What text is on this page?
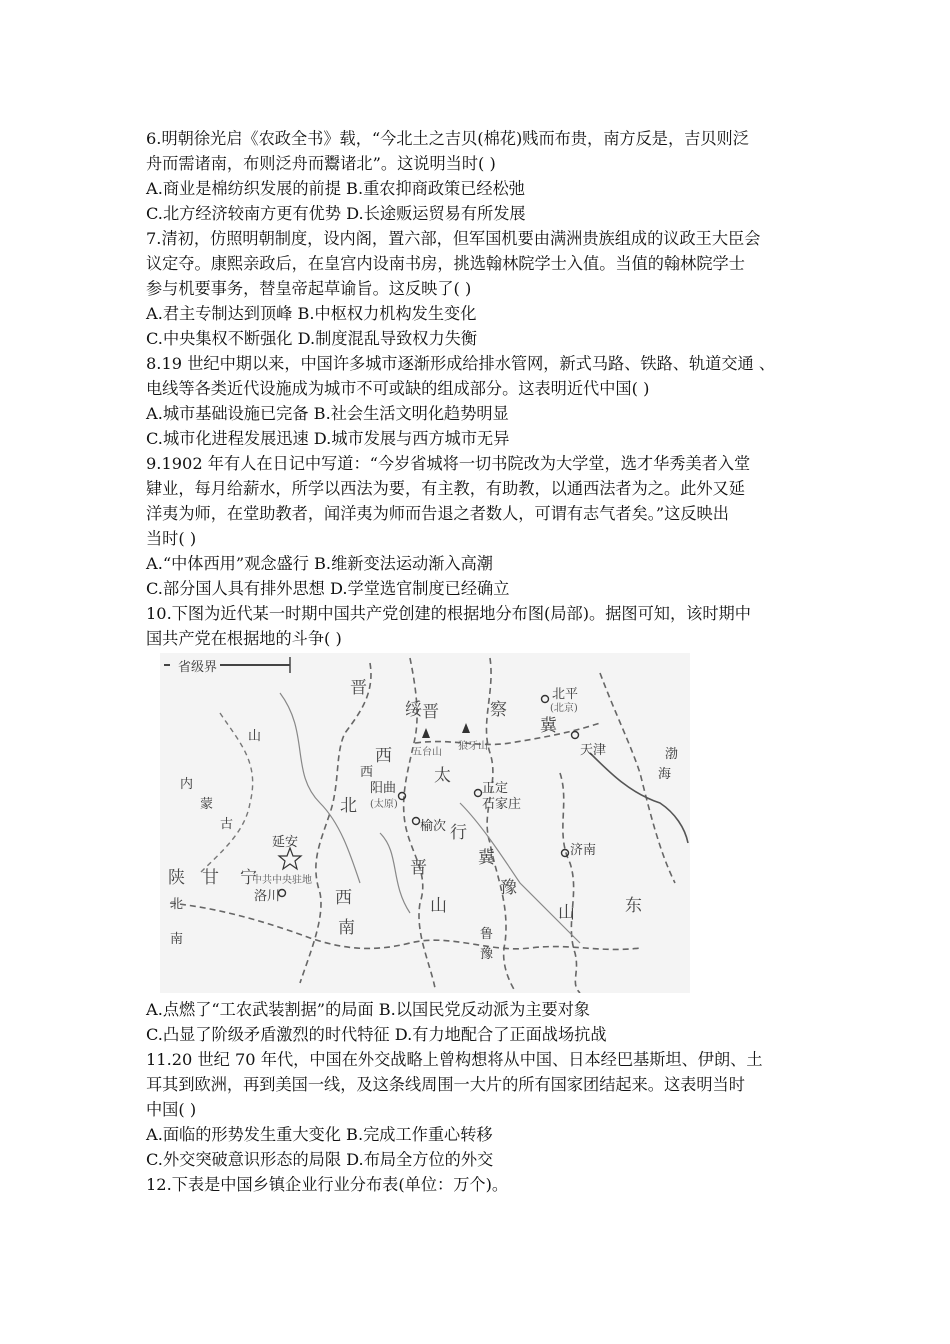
6.明朝徐光启《农政全书》载，“今北土之吉贝(棉花)贱而布贵，南方反是，吉贝则泛
舟而需诸南，布则泛舟而鬻诸北”。这说明当时( )
A.商业是棉纺织发展的前提 B.重农抑商政策已经松弛
C.北方经济较南方更有优势 D.长途贩运贸易有所发展
7.清初，仿照明朝制度，设内阁，置六部，但军国机要由满洲贵族组成的议政王大臣会
议定夺。康熙亲政后，在皇宫内设南书房，挑选翰林院学士入值。当值的翰林院学士
参与机要事务，替皇帝起草谕旨。这反映了( )
A.君主专制达到顶峰 B.中枢权力机构发生变化
C.中央集权不断强化 D.制度混乱导致权力失衡
8.19 世纪中期以来，中国许多城市逐渐形成给排水管网，新式马路、铁路、轨道交通 、
电线等各类近代设施成为城市不可或缺的组成部分。这表明近代中国( )
A.城市基础设施已完备 B.社会生活文明化趋势明显
C.城市化进程发展迅速 D.城市发展与西方城市无异
9.1902 年有人在日记中写道：“今岁省城将一切书院改为大学堂，选才华秀美者入堂
肄业，每月给薪水，所学以西法为要，有主教，有助教，以通西法者为之。此外又延
洋夷为师，在堂助教者，闻洋夷为师而告退之者数人，可谓有志气者矣。”这反映出
当时( )
A.“中体西用”观念盛行 B.维新变法运动渐入高潮
C.部分国人具有排外思想 D.学堂选官制度已经确立
10.下图为近代某一时期中国共产党创建的根据地分布图(局部)。据图可知，该时期中
国共产党在根据地的斗争( )
省级界
陕 甘 宁
晋
绥	察
冀
西
北
晋
西
南
晋	冀
豫
山	东
太
行
山
鲁
豫
山
西
北
南
北平
(北京)
天津
五台山
狼牙山
阳曲
(太原)
正定
石家庄
榆次
延安
中共中央驻地
洛川
济南
渤
海
内
蒙
古
A.点燃了“工农武装割据”的局面 B.以国民党反动派为主要对象
C.凸显了阶级矛盾激烈的时代特征 D.有力地配合了正面战场抗战
11.20 世纪 70 年代，中国在外交战略上曾构想将从中国、日本经巴基斯坦、伊朗、土
耳其到欧洲，再到美国一线，及这条线周围一大片的所有国家团结起来。这表明当时
中国( )
A.面临的形势发生重大变化 B.完成工作重心转移
C.外交突破意识形态的局限 D.布局全方位的外交
12.下表是中国乡镇企业行业分布表(单位：万个)。
